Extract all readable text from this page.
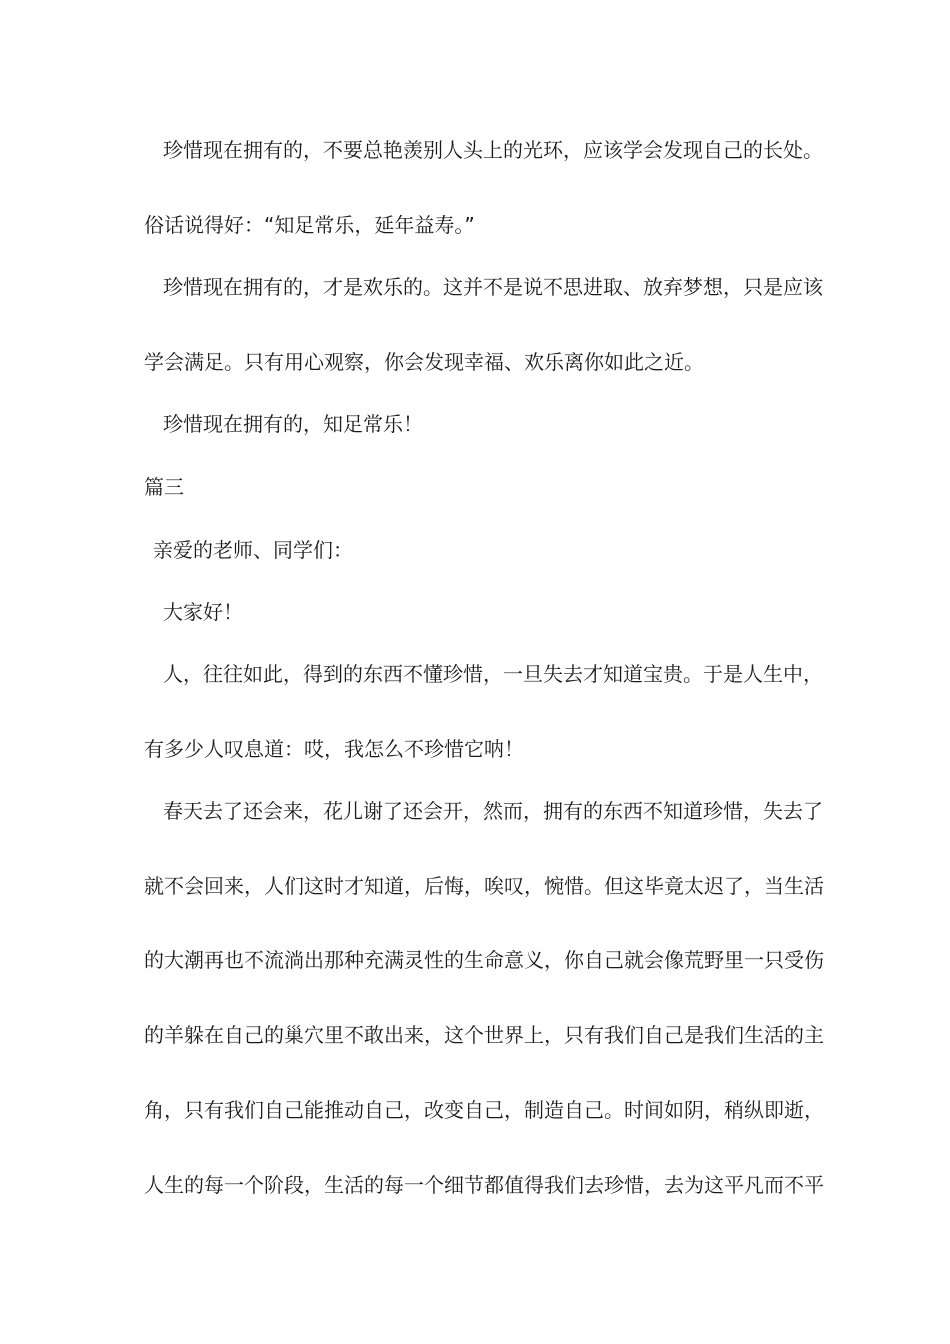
珍惜现在拥有的，不要总艳羡别人头上的光环，应该学会发现自己的长处。
俗话说得好：“知足常乐，延年益寿。”
珍惜现在拥有的，才是欢乐的。这并不是说不思进取、放弃梦想，只是应该
学会满足。只有用心观察，你会发现幸福、欢乐离你如此之近。
珍惜现在拥有的，知足常乐！
篇三
亲爱的老师、同学们：
大家好！
人，往往如此，得到的东西不懂珍惜，一旦失去才知道宝贵。于是人生中，
有多少人叹息道：哎，我怎么不珍惜它呐！
春天去了还会来，花儿谢了还会开，然而，拥有的东西不知道珍惜，失去了
就不会回来，人们这时才知道，后悔，唉叹，惋惜。但这毕竟太迟了，当生活
的大潮再也不流淌出那种充满灵性的生命意义，你自己就会像荒野里一只受伤
的羊躲在自己的巢穴里不敢出来，这个世界上，只有我们自己是我们生活的主
角，只有我们自己能推动自己，改变自己，制造自己。时间如阴，稍纵即逝，
人生的每一个阶段，生活的每一个细节都值得我们去珍惜，去为这平凡而不平
